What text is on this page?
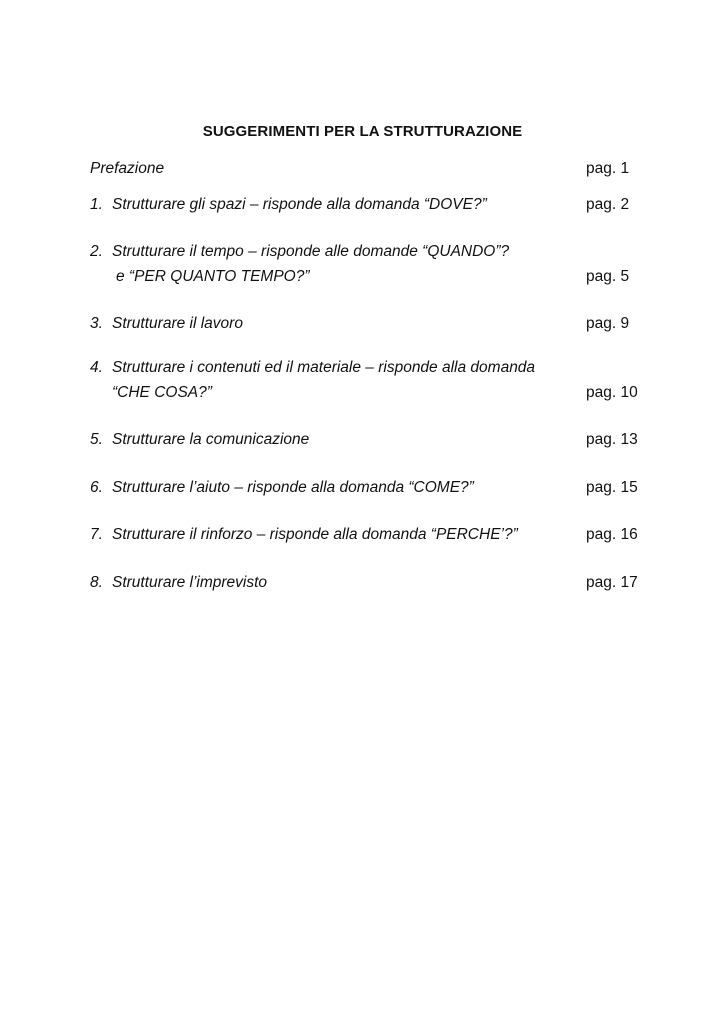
SUGGERIMENTI PER LA STRUTTURAZIONE
Prefazione	pag. 1
1. Strutturare gli spazi – risponde alla domanda “DOVE?”	pag. 2
2. Strutturare il tempo – risponde alle domande “QUANDO”?
e “PER QUANTO TEMPO?”	pag. 5
3. Strutturare il lavoro	pag. 9
4. Strutturare i contenuti ed il materiale – risponde alla domanda
“CHE COSA?”	pag. 10
5. Strutturare la comunicazione	pag. 13
6. Strutturare l’aiuto – risponde alla domanda “COME?”	pag. 15
7. Strutturare il rinforzo – risponde alla domanda “PERCHE’?”	pag. 16
8. Strutturare l’imprevisto	pag. 17
